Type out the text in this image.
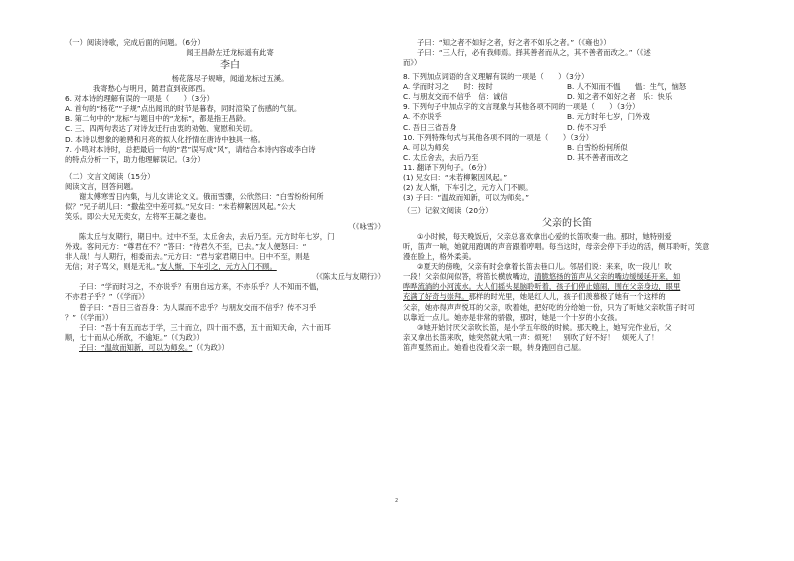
（一）阅读诗歌，完成后面的问题。（6分）
闻王昌龄左迁龙标遥有此寄
李白
杨花落尽子规啼，闻道龙标过五溪。
我寄愁心与明月，随君直到夜郎西。
6. 对本诗的理解有误的一项是（　　）（3分）
A. 首句的“杨花”“子规”点出闻讯的时节是暮春，同时渲染了伤感的气氛。
B. 第二句中的“龙标”与题目中的“龙标”，都是指王昌龄。
C. 三、四两句表达了对诗友迁行由衷的劝勉、宽慰和关切。
D. 本诗以想象的驰骋和月亮的拟人化抒情在唐诗中独具一格。
7. 小鸣对本诗时，总把最后一句的“君”误写成“风”，请结合本诗内容或李白诗
的特点分析一下，助力他理解误记。（3分）
（二）文言文阅读（15分）
阅读文言，回答问题。
谢太傅寒雪日内集，与儿女讲论文义。俄而雪骤，公欣然曰：“白雪纷纷何所
似？”兄子胡儿曰：“撒盐空中差可拟。”兄女曰：“未若柳絮因风起。”公大
笑乐。即公大兄无奕女，左将军王凝之妻也。
（《咏雪》）
陈太丘与友期行，期日中。过中不至，太丘舍去，去后乃至。元方时年七岁，门
外戏。客问元方：“尊君在不？”答曰：“待君久不至，已去。”友人便怒曰：“
非人哉！与人期行，相委而去。”元方曰：“君与家君期日中。日中不至，则是
无信；对子骂父，则是无礼。”友人惭，下车引之，元方入门不顾。
（《陈太丘与友期行》）
子曰：“学而时习之，不亦说乎？有朋自远方来，不亦乐乎？人不知而不愠，
不亦君子乎？”（《学而》）
曾子曰：“吾日三省吾身：为人谋而不忠乎？与朋友交而不信乎？传不习乎
？”（《学而》）
子曰：“吾十有五而志于学，三十而立，四十而不惑，五十而知天命，六十而耳
顺，七十而从心所欲，不逾矩。”（《为政》）
子曰：“温故而知新，可以为师矣。”（《为政》）
子曰：“知之者不如好之者，好之者不如乐之者。”（《雍也》）
子曰：“三人行，必有我师焉。择其善者而从之，其不善者而改之。”（《述
而》）
8. 下列加点词语的含义理解有误的一项是（　　）（3分）
A. 学而时习之　　时：按时	B. 人不知而不愠　　愠：生气，恼怒
C. 与朋友交而不信乎　信：诚信	D. 知之者不如好之者　乐：快乐
9. 下列句子中加点字的文言现象与其他各项不同的一项是（　　）（3分）
A. 不亦说乎	B. 元方时年七岁，门外戏
C. 吾日三省吾身	D. 传不习乎
10. 下列特殊句式与其他各项不同的一项是（　　）（3分）
A. 可以为师矣	B. 白雪纷纷何所似
C. 太丘舍去，去后乃至	D. 其不善者而改之
11. 翻译下列句子。（6分）
(1) 兄女曰：“未若柳絮因风起。”
(2) 友人惭，下车引之，元方入门不顾。
(3) 子曰：“温故而知新，可以为师矣。”
（三）记叙文阅读（20分）
父亲的长笛
①小时候，每天晚饭后，父亲总喜欢拿出心爱的长笛吹奏一曲。那时，她特别爱
听，笛声一响，她就用跑调的声音跟着哼唱。每当这时，母亲会停下手边的活，侧耳聆听，笑意
漫在脸上，格外柔美。
②夏天的傍晚，父亲有时会拿着长笛去巷口儿。邻居们说：来来，吹一段儿！吹
一段！父亲似间似答，将笛长横放嘴边，清脆悠扬的笛声从父亲的嘴边缓缓延开来，如
哗哗流淌的小河流水。大人们摇头晃脑聆听着，孩子们停止嬉闹，围在父亲身边，眼里
充满了好奇与崇拜。那样的时光里，她是红人儿，孩子们羡慕极了她有一个这样的
父亲，她亦得声声悦耳的父亲，吹着她，把好吃的分给她一份，只为了听她父亲吹笛子时可
以靠近一点儿。她亦是非常的骄傲，那时，她是一个十岁的小女孩。
③她开始讨厌父亲吹长笛，是小学五年级的时候。那天晚上，她写完作业后，父
亲又拿出长笛来吹，她突然就大吼一声：烦死！　别吹了好不好！　烦死人了！
笛声戛然而止。她看也没看父亲一眼，转身跑回自己屋。
2
